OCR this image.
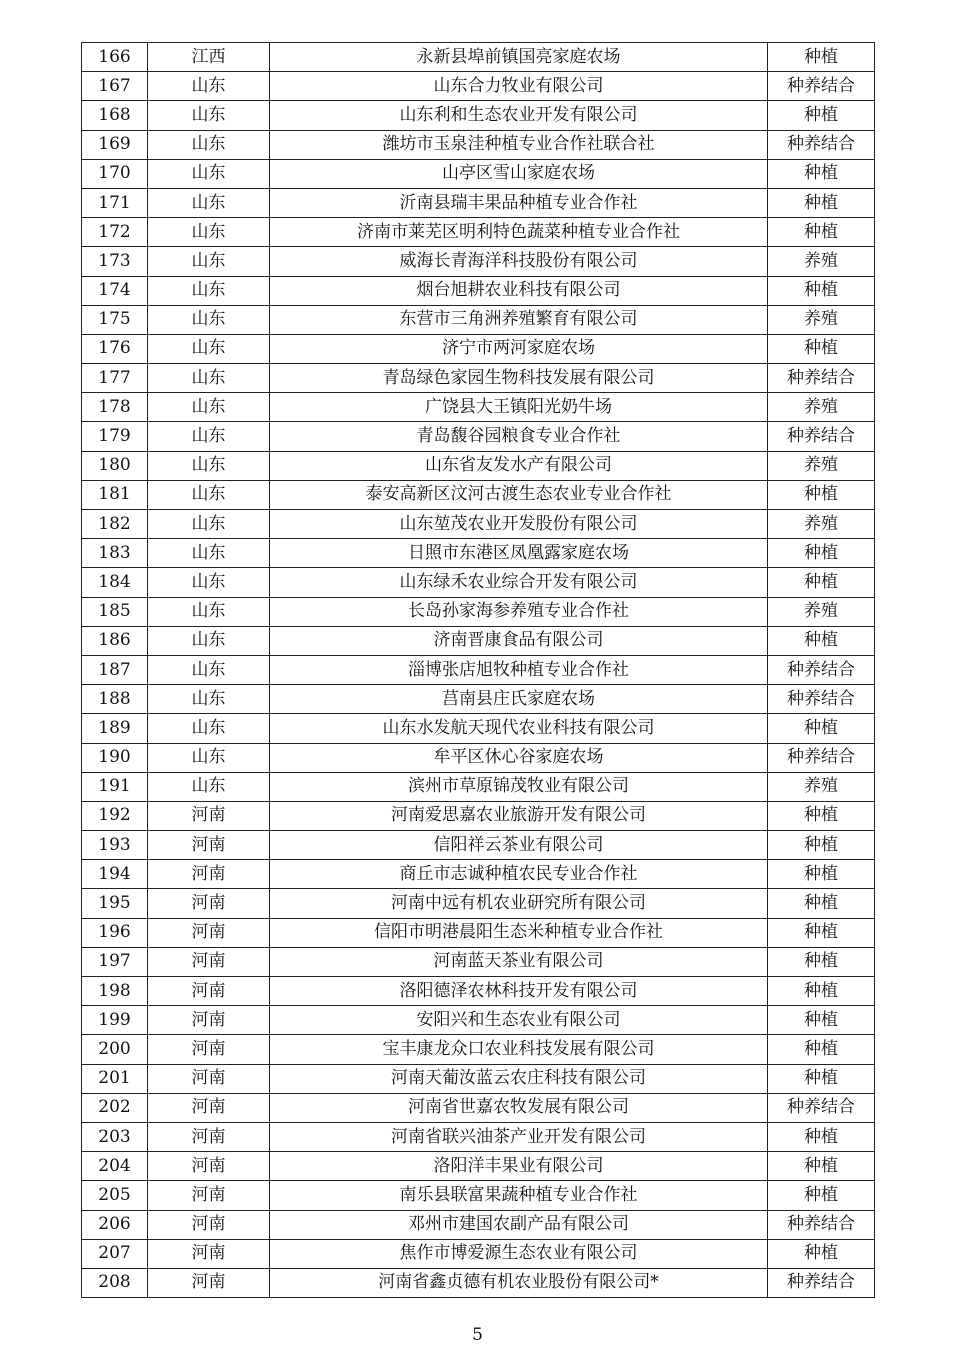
166	江西	永新县埠前镇国亮家庭农场	种植
167	山东	山东合力牧业有限公司	种养结合
168	山东	山东利和生态农业开发有限公司	种植
169	山东	潍坊市玉泉洼种植专业合作社联合社	种养结合
170	山东	山亭区雪山家庭农场	种植
171	山东	沂南县瑞丰果品种植专业合作社	种植
172	山东	济南市莱芜区明利特色蔬菜种植专业合作社	种植
173	山东	威海长青海洋科技股份有限公司	养殖
174	山东	烟台旭耕农业科技有限公司	种植
175	山东	东营市三角洲养殖繁育有限公司	养殖
176	山东	济宁市两河家庭农场	种植
177	山东	青岛绿色家园生物科技发展有限公司	种养结合
178	山东	广饶县大王镇阳光奶牛场	养殖
179	山东	青岛馥谷园粮食专业合作社	种养结合
180	山东	山东省友发水产有限公司	养殖
181	山东	泰安高新区汶河古渡生态农业专业合作社	种植
182	山东	山东堃茂农业开发股份有限公司	养殖
183	山东	日照市东港区凤凰露家庭农场	种植
184	山东	山东绿禾农业综合开发有限公司	种植
185	山东	长岛孙家海参养殖专业合作社	养殖
186	山东	济南晋康食品有限公司	种植
187	山东	淄博张店旭牧种植专业合作社	种养结合
188	山东	莒南县庄氏家庭农场	种养结合
189	山东	山东水发航天现代农业科技有限公司	种植
190	山东	牟平区休心谷家庭农场	种养结合
191	山东	滨州市草原锦茂牧业有限公司	养殖
192	河南	河南爱思嘉农业旅游开发有限公司	种植
193	河南	信阳祥云茶业有限公司	种植
194	河南	商丘市志诚种植农民专业合作社	种植
195	河南	河南中远有机农业研究所有限公司	种植
196	河南	信阳市明港晨阳生态米种植专业合作社	种植
197	河南	河南蓝天茶业有限公司	种植
198	河南	洛阳德泽农林科技开发有限公司	种植
199	河南	安阳兴和生态农业有限公司	种植
200	河南	宝丰康龙众口农业科技发展有限公司	种植
201	河南	河南天葡汝蓝云农庄科技有限公司	种植
202	河南	河南省世嘉农牧发展有限公司	种养结合
203	河南	河南省联兴油茶产业开发有限公司	种植
204	河南	洛阳洋丰果业有限公司	种植
205	河南	南乐县联富果蔬种植专业合作社	种植
206	河南	邓州市建国农副产品有限公司	种养结合
207	河南	焦作市博爱源生态农业有限公司	种植
208	河南	河南省鑫贞德有机农业股份有限公司*	种养结合
5
